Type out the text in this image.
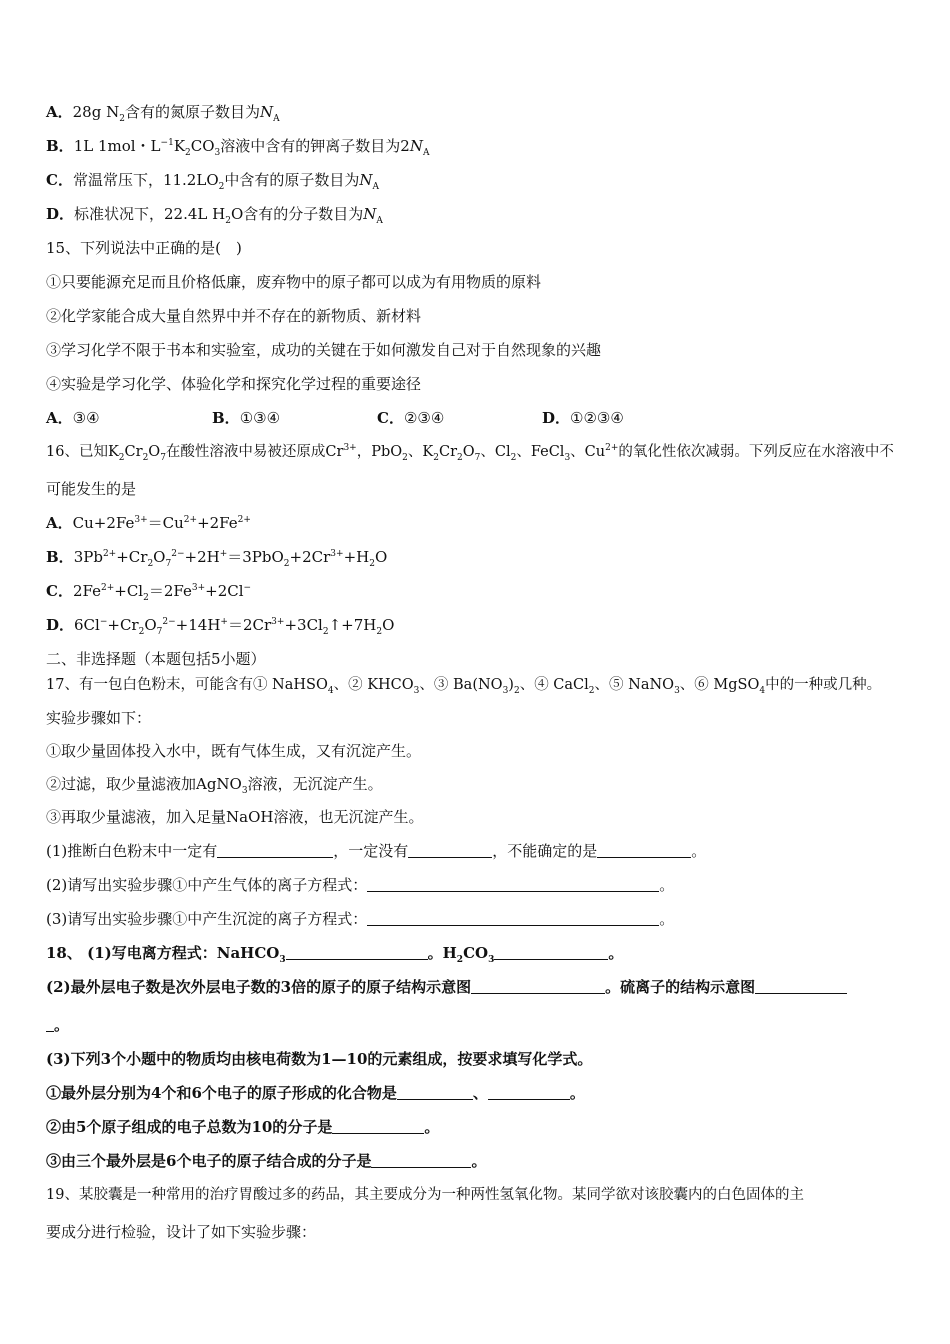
A．28g $N_2$含有的氮原子数目为$N_A$
B．1L 1mol・$L^{-1}K_2CO_3$溶液中含有的钾离子数目为$2N_A$
C．常温常压下，$11.2LO_2$中含有的原子数目为$N_A$
D．标准状况下，22.4L $H_2O$含有的分子数目为$N_A$
15、下列说法中正确的是(　)
①只要能源充足而且价格低廉，废弃物中的原子都可以成为有用物质的原料
②化学家能合成大量自然界中并不存在的新物质、新材料
③学习化学不限于书本和实验室，成功的关键在于如何激发自己对于自然现象的兴趣
④实验是学习化学、体验化学和探究化学过程的重要途径
A．③④	B．①③④	C．②③④	D．①②③④
16、已知$K_2Cr_2O_7$在酸性溶液中易被还原成$Cr^{3+}$，PbO$_2$、$K_2Cr_2O_7$、$Cl_2$、FeCl$_3$、$Cu^{2+}$的氧化性依次减弱。下列反应在水溶液中不
可能发生的是
A．$Cu+2Fe^{3+}=Cu^{2+}+2Fe^{2+}$
B．$3Pb^{2+}+Cr_2O_7^{2-}+2H^+=3PbO_2+2Cr^{3+}+H_2O$
C．$2Fe^{2+}+Cl_2=2Fe^{3+}+2Cl^-$
D．$6Cl^-+Cr_2O_7^{2-}+14H^+=2Cr^{3+}+3Cl_2↑+7H_2O$
二、非选择题（本题包括5小题）
17、有一包白色粉末，可能含有① NaHSO$_4$、② $KHCO_3$、③ $Ba(NO_3)_2$、④ CaCl$_2$、⑤ NaNO$_3$、⑥ MgSO$_4$中的一种或几种。
实验步骤如下：
①取少量固体投入水中，既有气体生成，又有沉淀产生。
②过滤，取少量滤液加AgNO$_3$溶液，无沉淀产生。
③再取少量滤液，加入足量NaOH溶液，也无沉淀产生。
(1)推断白色粉末中一定有	，一定没有	，不能确定的是	。
(2)请写出实验步骤①中产生气体的离子方程式：	。
(3)请写出实验步骤①中产生沉淀的离子方程式：	。
18、 (1)写电离方程式：NaHCO$_3$	。$H_2CO_3$	。
(2)最外层电子数是次外层电子数的3倍的原子的原子结构示意图	。硫离子的结构示意图
。
(3)下列3个小题中的物质均由核电荷数为1—10的元素组成，按要求填写化学式。
①最外层分别为4个和6个电子的原子形成的化合物是	、	。
②由5个原子组成的电子总数为10的分子是	。
③由三个最外层是6个电子的原子结合成的分子是	。
19、某胶囊是一种常用的治疗胃酸过多的药品，其主要成分为一种两性氢氧化物。某同学欲对该胶囊内的白色固体的主
要成分进行检验，设计了如下实验步骤：
